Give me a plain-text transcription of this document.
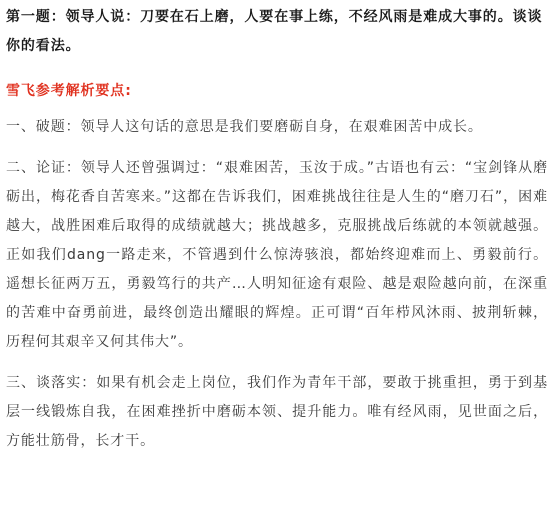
第一题：领导人说：刀要在石上磨，人要在事上练，不经风雨是难成大事的。谈谈你的看法。

雪飞参考解析要点:

一、破题：领导人这句话的意思是我们要磨砺自身，在艰难困苦中成长。

二、论证：领导人还曾强调过：“艰难困苦，玉汝于成。”古语也有云：“宝剑锋从磨砺出，梅花香自苦寒来。”这都在告诉我们，困难挑战往往是人生的“磨刀石”，困难越大，战胜困难后取得的成绩就越大；挑战越多，克服挑战后练就的本领就越强。正如我们dang一路走来，不管遇到什么惊涛骇浪，都始终迎难而上、勇毅前行。遥想长征两万五，勇毅笃行的共产…人明知征途有艰险、越是艰险越向前，在深重的苦难中奋勇前进，最终创造出耀眼的辉煌。正可谓“百年栉风沐雨、披荆斩棘，历程何其艰辛又何其伟大”。

三、谈落实：如果有机会走上岗位，我们作为青年干部，要敢于挑重担，勇于到基层一线锻炼自我，在困难挫折中磨砺本领、提升能力。唯有经风雨，见世面之后，方能壮筋骨，长才干。
